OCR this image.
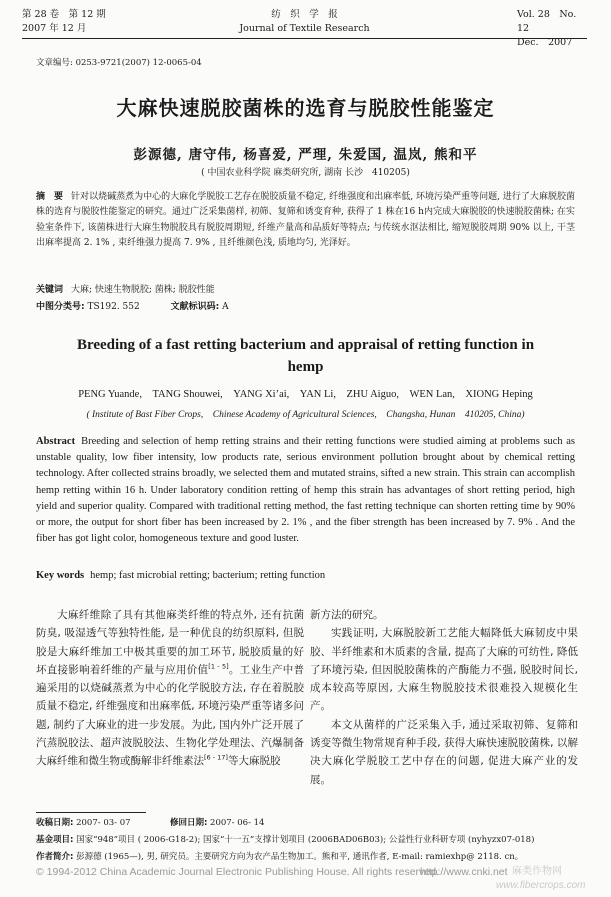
第 28 卷　第 12 期
2007 年 12 月
纺　织　学　报
Journal of Textile Research
Vol. 28　No. 12
Dec.　2007
文章编号: 0253-9721(2007) 12-0065-04
大麻快速脱胶菌株的选育与脱胶性能鉴定
彭源德, 唐守伟, 杨喜爱, 严理, 朱爱国, 温岚, 熊和平
( 中国农业科学院 麻类研究所, 湖南 长沙　410205)
摘　要 针对以烧碱蒸煮为中心的大麻化学脱胶工艺存在脱胶质量不稳定, 纤维强度和出麻率低, 环境污染严重等问题, 进行了大麻脱胶菌株的选育与脱胶性能鉴定的研究。通过广泛采集菌样, 初筛、复筛和诱变育种, 获得了 1 株在16 h内完成大麻脱胶的快速脱胶菌株; 在实验室条件下, 该菌株进行大麻生物脱胶具有脱胶周期短, 纤维产量高和品质好等特点; 与传统水沤法相比, 缩短脱胶周期 90% 以上, 干茎出麻率提高 2. 1% , 束纤维强力提高 7. 9% , 且纤维颜色浅, 质地均匀, 光泽好。
关键词 大麻; 快速生物脱胶; 菌株; 脱胶性能
中图分类号: TS192. 552	文献标识码: A
Breeding of a fast retting bacterium and appraisal of retting function in hemp
PENG Yuande,　TANG Shouwei,　YANG Xi’ai,　YAN Li,　ZHU Aiguo,　WEN Lan,　XIONG Heping
( Institute of Bast Fiber Crops,　Chinese Academy of Agricultural Sciences,　Changsha, Hunan　410205, China)
Abstract Breeding and selection of hemp retting strains and their retting functions were studied aiming at problems such as unstable quality, low fiber intensity, low products rate, serious environment pollution brought about by chemical retting technology. After collected strains broadly, we selected them and mutated strains, sifted a new strain. This strain can accomplish hemp retting within 16 h. Under laboratory condition retting of hemp this strain has advantages of short retting period, high yield and superior quality. Compared with traditional retting method, the fast retting technique can shorten retting time by 90% or more, the output for short fiber has been increased by 2. 1% , and the fiber strength has been increased by 7. 9% . And the fiber has got light color, homogeneous texture and good luster.
Key words hemp; fast microbial retting; bacterium; retting function

大麻纤维除了具有其他麻类纤维的特点外, 还有抗菌防臭, 吸湿透气等独特性能, 是一种优良的纺织原料, 但脱胶是大麻纤维加工中极其重要的加工环节, 脱胶质量的好坏直接影响着纤维的产量与应用价值[1 - 5]。工业生产中普遍采用的以烧碱蒸煮为中心的化学脱胶方法, 存在着脱胶质量不稳定, 纤维强度和出麻率低, 环境污染严重等诸多问题, 制约了大麻业的进一步发展。为此, 国内外广泛开展了汽蒸脱胶法、超声波脱胶法、生物化学处理法、汽爆制备大麻纤维和微生物或酶解非纤维素法[6 - 17]等大麻脱胶

新方法的研究。

实践证明, 大麻脱胶新工艺能大幅降低大麻韧皮中果胶、半纤维素和木质素的含量, 提高了大麻的可纺性, 降低了环境污染, 但因脱胶菌株的产酶能力不强, 脱胶时间长, 成本较高等原因, 大麻生物脱胶技术很难投入规模化生产。

本文从菌样的广泛采集入手, 通过采取初筛、复筛和诱变等微生物常规育种手段, 获得大麻快速脱胶菌株, 以解决大麻化学脱胶工艺中存在的问题, 促进大麻产业的发展。

收稿日期: 2007- 03- 07	修回日期: 2007- 06- 14
基金项目: 国家“948”项目 ( 2006-G18-2); 国家“十一五”支撑计划项目 (2006BAD06B03); 公益性行业科研专项 (nyhyzx07-018)
作者简介: 彭源德 (1965—), 男, 研究员。主要研究方向为农产品生物加工。熊和平, 通讯作者, E-mail: ramiexhp@ 2118. cn。
© 1994-2012 China Academic Journal Electronic Publishing House. All rights reserved.
http://www.cnki.net 麻类作物网
www.fibercrops.com
